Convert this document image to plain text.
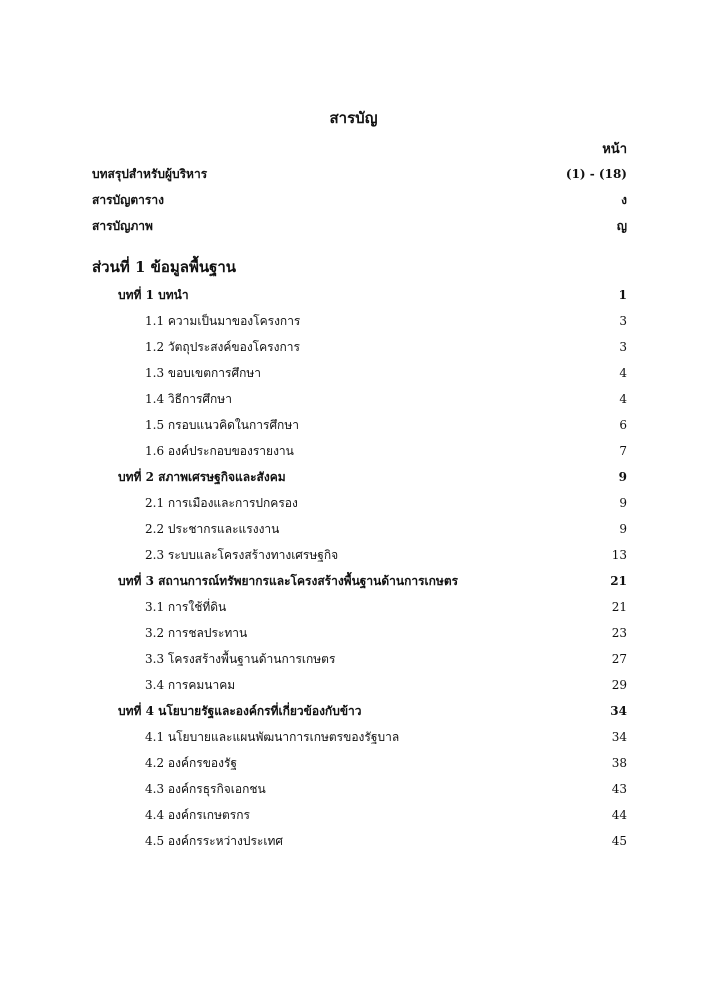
สารบัญ
หน้า
บทสรุปสำหรับผู้บริหาร	(1) - (18)
สารบัญตาราง	ง
สารบัญภาพ	ญ
ส่วนที่ 1 ข้อมูลพื้นฐาน
บทที่ 1 บทนำ	1
1.1 ความเป็นมาของโครงการ	3
1.2 วัตถุประสงค์ของโครงการ	3
1.3 ขอบเขตการศึกษา	4
1.4 วิธีการศึกษา	4
1.5 กรอบแนวคิดในการศึกษา	6
1.6 องค์ประกอบของรายงาน	7
บทที่ 2 สภาพเศรษฐกิจและสังคม	9
2.1 การเมืองและการปกครอง	9
2.2 ประชากรและแรงงาน	9
2.3 ระบบและโครงสร้างทางเศรษฐกิจ	13
บทที่ 3 สถานการณ์ทรัพยากรและโครงสร้างพื้นฐานด้านการเกษตร	21
3.1 การใช้ที่ดิน	21
3.2 การชลประทาน	23
3.3 โครงสร้างพื้นฐานด้านการเกษตร	27
3.4 การคมนาคม	29
บทที่ 4 นโยบายรัฐและองค์กรที่เกี่ยวข้องกับข้าว	34
4.1 นโยบายและแผนพัฒนาการเกษตรของรัฐบาล	34
4.2 องค์กรของรัฐ	38
4.3 องค์กรธุรกิจเอกชน	43
4.4 องค์กรเกษตรกร	44
4.5 องค์กรระหว่างประเทศ	45
